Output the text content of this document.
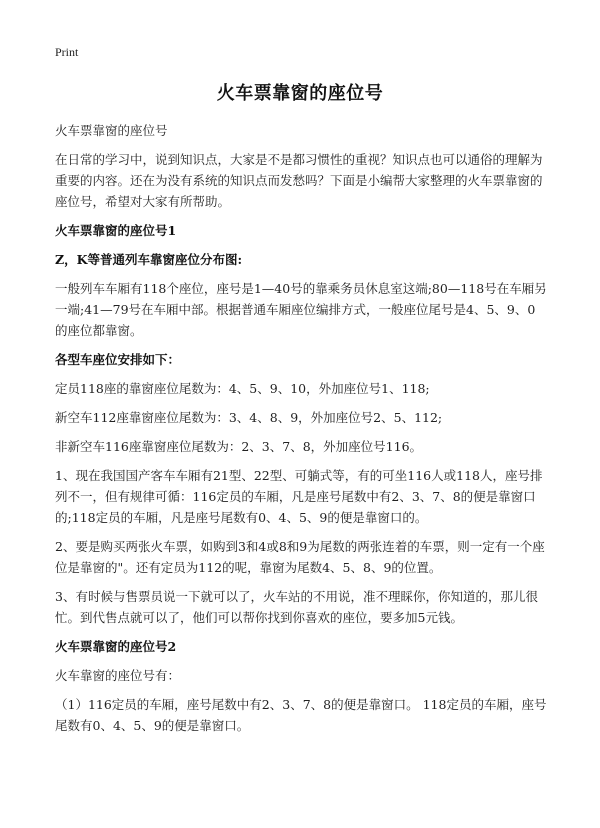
Print
火车票靠窗的座位号

火车票靠窗的座位号

在日常的学习中，说到知识点，大家是不是都习惯性的重视？知识点也可以通俗的理解为重要的内容。还在为没有系统的知识点而发愁吗？下面是小编帮大家整理的火车票靠窗的座位号，希望对大家有所帮助。

火车票靠窗的座位号1

Z，K等普通列车靠窗座位分布图:

一般列车车厢有118个座位，座号是1—40号的靠乘务员休息室这端;80—118号在车厢另一端;41—79号在车厢中部。根据普通车厢座位编排方式，一般座位尾号是4、5、9、0的座位都靠窗。

各型车座位安排如下：

定员118座的靠窗座位尾数为：4、5、9、10，外加座位号1、118;

新空车112座靠窗座位尾数为：3、4、8、9，外加座位号2、5、112;

非新空车116座靠窗座位尾数为：2、3、7、8，外加座位号116。

1、现在我国国产客车车厢有21型、22型、可躺式等，有的可坐116人或118人，座号排列不一，但有规律可循：116定员的车厢，凡是座号尾数中有2、3、7、8的便是靠窗口的;118定员的车厢，凡是座号尾数有0、4、5、9的便是靠窗口的。

2、要是购买两张火车票，如购到3和4或8和9为尾数的两张连着的车票，则一定有一个座位是靠窗的"。还有定员为112的呢，靠窗为尾数4、5、8、9的位置。

3、有时候与售票员说一下就可以了，火车站的不用说，准不理睬你，你知道的，那儿很忙。到代售点就可以了，他们可以帮你找到你喜欢的座位，要多加5元钱。

火车票靠窗的座位号2

火车靠窗的座位号有：

（1）116定员的车厢，座号尾数中有2、3、7、8的便是靠窗口。 118定员的车厢，座号尾数有0、4、5、9的便是靠窗口。
